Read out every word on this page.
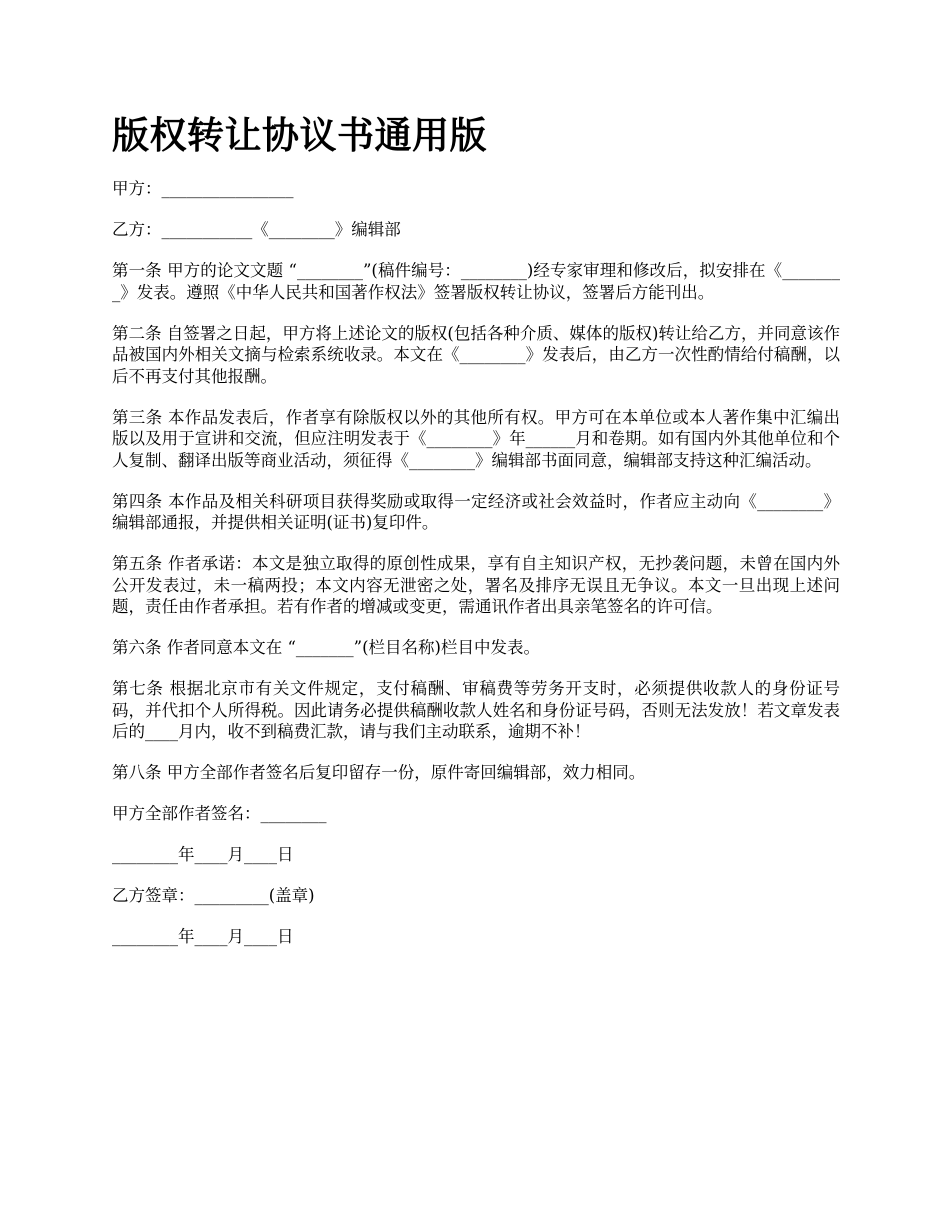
版权转让协议书通用版

甲方：________________

乙方：___________《________》编辑部

第一条 甲方的论文文题 “________”(稿件编号：________)经专家审理和修改后，拟安排在《________》发表。遵照《中华人民共和国著作权法》签署版权转让协议，签署后方能刊出。

第二条 自签署之日起，甲方将上述论文的版权(包括各种介质、媒体的版权)转让给乙方，并同意该作品被国内外相关文摘与检索系统收录。本文在《________》发表后，由乙方一次性酌情给付稿酬，以后不再支付其他报酬。

第三条 本作品发表后，作者享有除版权以外的其他所有权。甲方可在本单位或本人著作集中汇编出版以及用于宣讲和交流，但应注明发表于《________》年______月和卷期。如有国内外其他单位和个人复制、翻译出版等商业活动，须征得《________》编辑部书面同意，编辑部支持这种汇编活动。

第四条 本作品及相关科研项目获得奖励或取得一定经济或社会效益时，作者应主动向《________》编辑部通报，并提供相关证明(证书)复印件。

第五条 作者承诺：本文是独立取得的原创性成果，享有自主知识产权，无抄袭问题，未曾在国内外公开发表过，未一稿两投；本文内容无泄密之处，署名及排序无误且无争议。本文一旦出现上述问题，责任由作者承担。若有作者的增减或变更，需通讯作者出具亲笔签名的许可信。

第六条 作者同意本文在 “_______”(栏目名称)栏目中发表。

第七条 根据北京市有关文件规定，支付稿酬、审稿费等劳务开支时，必须提供收款人的身份证号码，并代扣个人所得税。因此请务必提供稿酬收款人姓名和身份证号码，否则无法发放！若文章发表后的____月内，收不到稿费汇款，请与我们主动联系，逾期不补！

第八条 甲方全部作者签名后复印留存一份，原件寄回编辑部，效力相同。

甲方全部作者签名：________

________年____月____日

乙方签章：_________(盖章)

________年____月____日
